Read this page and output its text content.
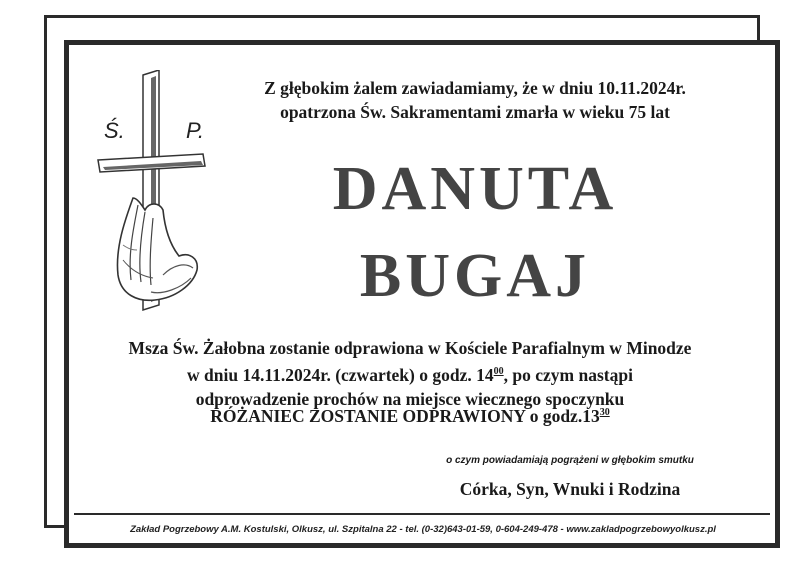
Ś.	P.
Z głębokim żalem zawiadamiamy, że w dniu 10.11.2024r.
opatrzona Św. Sakramentami zmarła w wieku 75 lat
DANUTA
BUGAJ
Msza Św. Żałobna zostanie odprawiona w Kościele Parafialnym w Minodze
w dniu 14.11.2024r. (czwartek) o godz. $14^{00}$, po czym nastąpi
odprowadzenie prochów na miejsce wiecznego spoczynku
RÓŻANIEC ZOSTANIE ODPRAWIONY o $godz.13^{30}$
o czym powiadamiają pogrążeni w głębokim smutku
Córka, Syn, Wnuki i Rodzina
Zakład Pogrzebowy A.M. Kostulski, Olkusz, ul. Szpitalna 22 - tel. (0-32)643-01-59, 0-604-249-478 - www.zakladpogrzebowyolkusz.pl
